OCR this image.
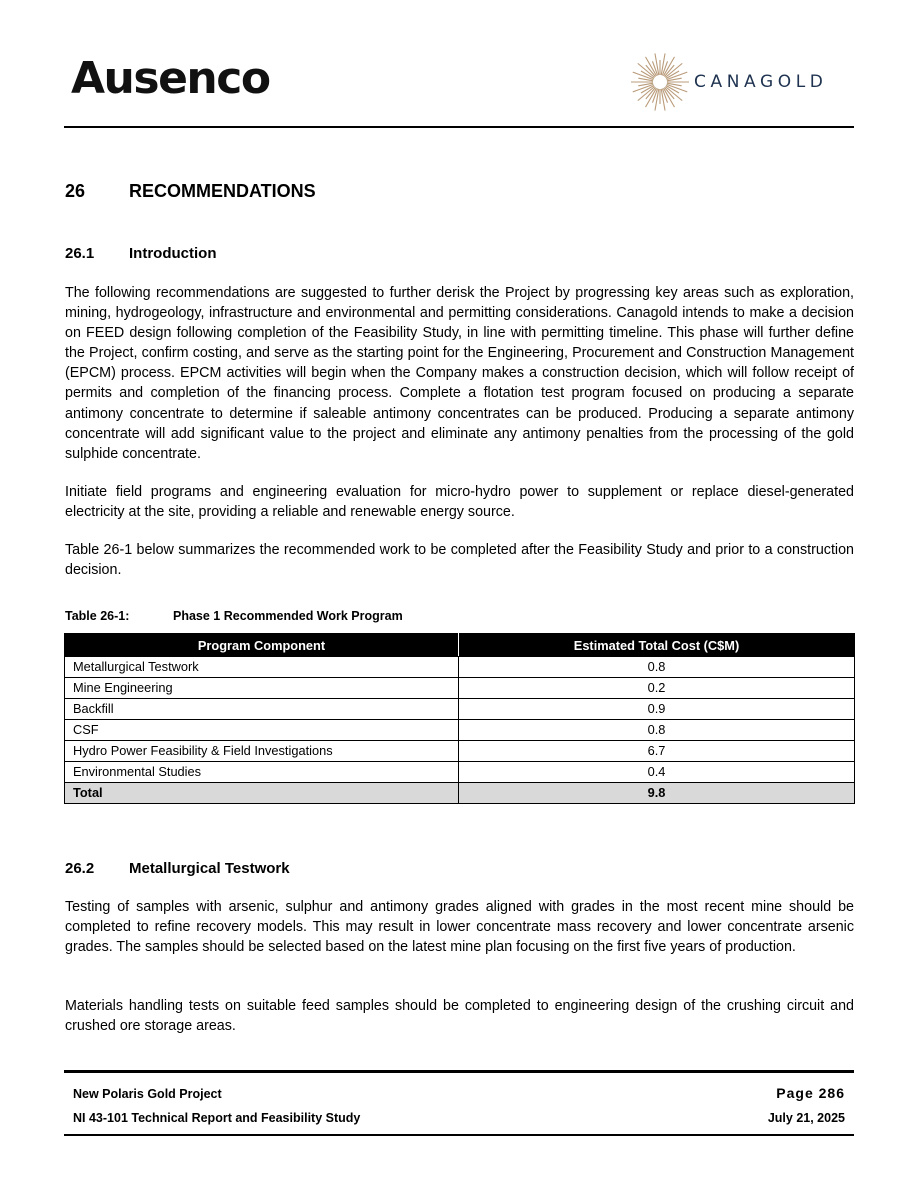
Ausenco	CANAGOLD
26 RECOMMENDATIONS
26.1 Introduction
The following recommendations are suggested to further derisk the Project by progressing key areas such as exploration, mining, hydrogeology, infrastructure and environmental and permitting considerations. Canagold intends to make a decision on FEED design following completion of the Feasibility Study, in line with permitting timeline. This phase will further define the Project, confirm costing, and serve as the starting point for the Engineering, Procurement and Construction Management (EPCM) process. EPCM activities will begin when the Company makes a construction decision, which will follow receipt of permits and completion of the financing process. Complete a flotation test program focused on producing a separate antimony concentrate to determine if saleable antimony concentrates can be produced. Producing a separate antimony concentrate will add significant value to the project and eliminate any antimony penalties from the processing of the gold sulphide concentrate.
Initiate field programs and engineering evaluation for micro-hydro power to supplement or replace diesel-generated electricity at the site, providing a reliable and renewable energy source.
Table 26-1 below summarizes the recommended work to be completed after the Feasibility Study and prior to a construction decision.
Table 26-1:	Phase 1 Recommended Work Program
Program Component	Estimated Total Cost (C$M)
Metallurgical Testwork	0.8
Mine Engineering	0.2
Backfill	0.9
CSF	0.8
Hydro Power Feasibility & Field Investigations	6.7
Environmental Studies	0.4
Total	9.8
26.2 Metallurgical Testwork
Testing of samples with arsenic, sulphur and antimony grades aligned with grades in the most recent mine should be completed to refine recovery models. This may result in lower concentrate mass recovery and lower concentrate arsenic grades. The samples should be selected based on the latest mine plan focusing on the first five years of production.
Materials handling tests on suitable feed samples should be completed to engineering design of the crushing circuit and crushed ore storage areas.
New Polaris Gold Project
NI 43-101 Technical Report and Feasibility Study
Page 286
July 21, 2025
